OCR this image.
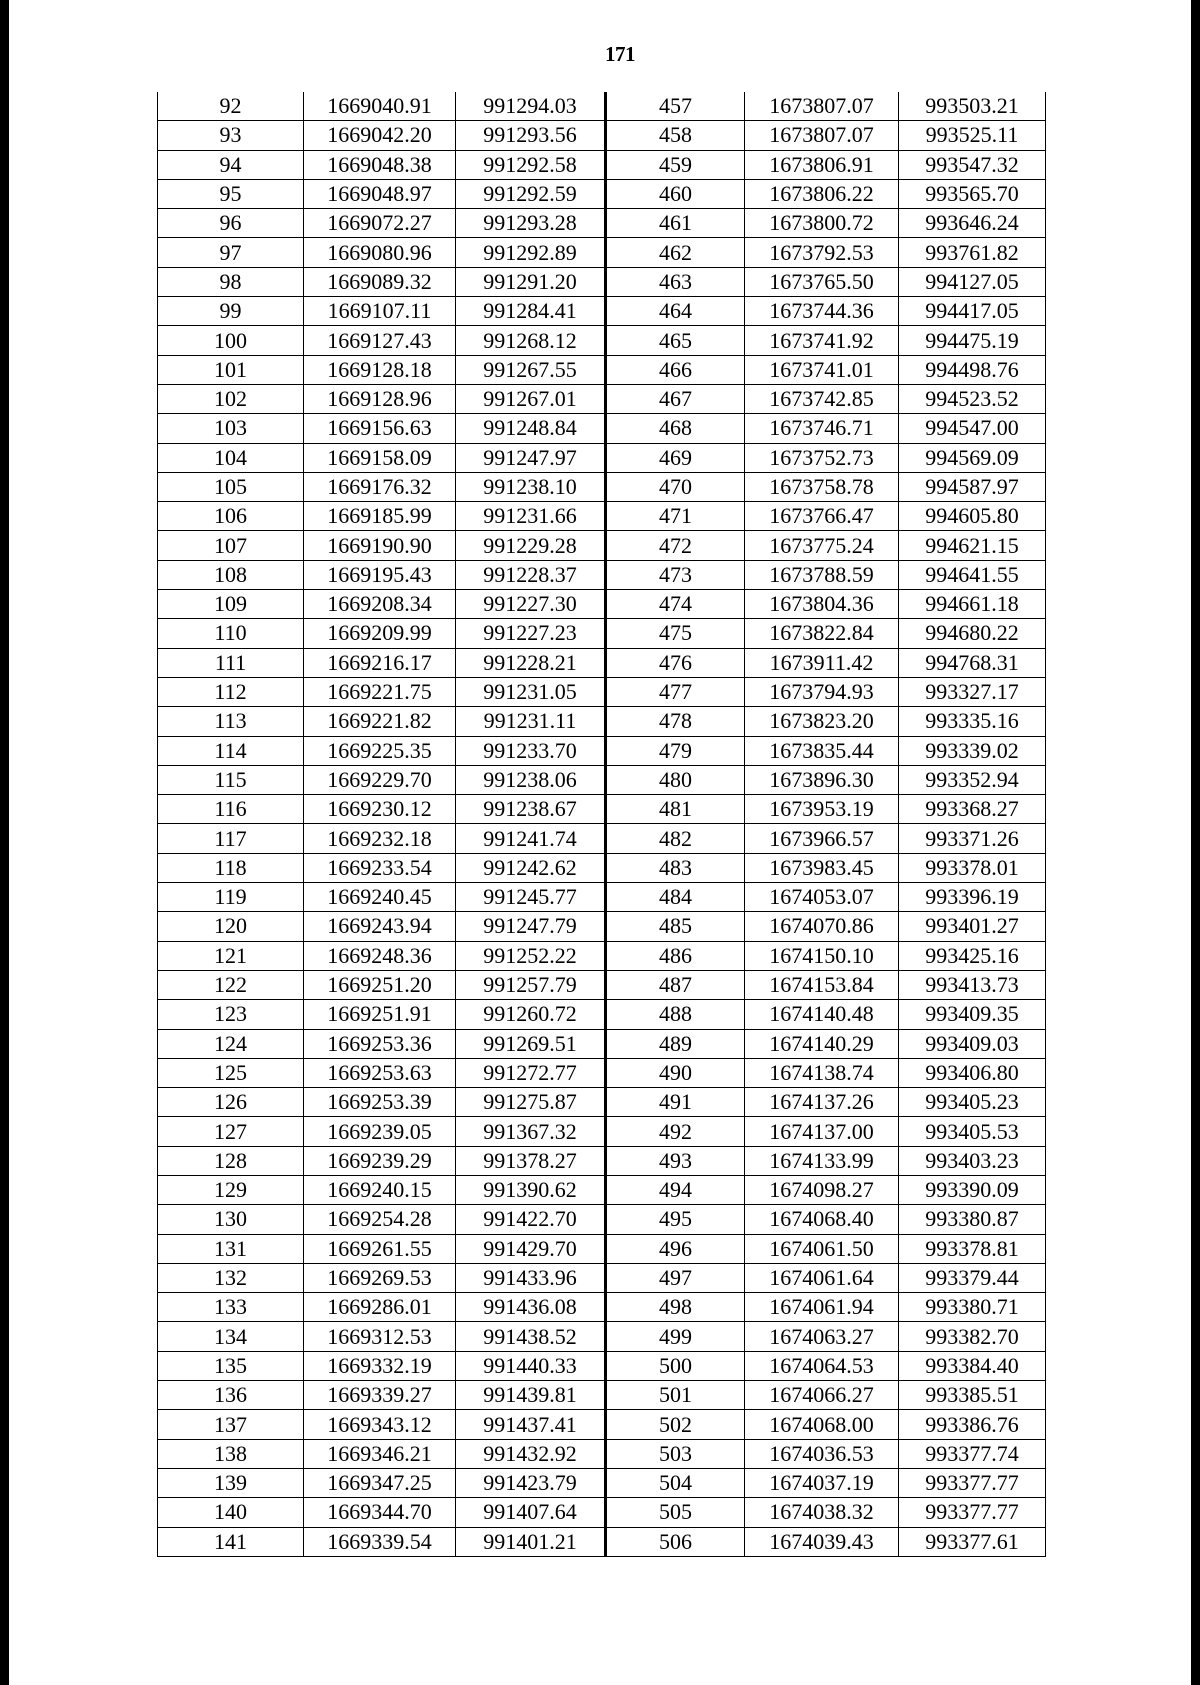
171
92	1669040.91	991294.03	457	1673807.07	993503.21
93	1669042.20	991293.56	458	1673807.07	993525.11
94	1669048.38	991292.58	459	1673806.91	993547.32
95	1669048.97	991292.59	460	1673806.22	993565.70
96	1669072.27	991293.28	461	1673800.72	993646.24
97	1669080.96	991292.89	462	1673792.53	993761.82
98	1669089.32	991291.20	463	1673765.50	994127.05
99	1669107.11	991284.41	464	1673744.36	994417.05
100	1669127.43	991268.12	465	1673741.92	994475.19
101	1669128.18	991267.55	466	1673741.01	994498.76
102	1669128.96	991267.01	467	1673742.85	994523.52
103	1669156.63	991248.84	468	1673746.71	994547.00
104	1669158.09	991247.97	469	1673752.73	994569.09
105	1669176.32	991238.10	470	1673758.78	994587.97
106	1669185.99	991231.66	471	1673766.47	994605.80
107	1669190.90	991229.28	472	1673775.24	994621.15
108	1669195.43	991228.37	473	1673788.59	994641.55
109	1669208.34	991227.30	474	1673804.36	994661.18
110	1669209.99	991227.23	475	1673822.84	994680.22
111	1669216.17	991228.21	476	1673911.42	994768.31
112	1669221.75	991231.05	477	1673794.93	993327.17
113	1669221.82	991231.11	478	1673823.20	993335.16
114	1669225.35	991233.70	479	1673835.44	993339.02
115	1669229.70	991238.06	480	1673896.30	993352.94
116	1669230.12	991238.67	481	1673953.19	993368.27
117	1669232.18	991241.74	482	1673966.57	993371.26
118	1669233.54	991242.62	483	1673983.45	993378.01
119	1669240.45	991245.77	484	1674053.07	993396.19
120	1669243.94	991247.79	485	1674070.86	993401.27
121	1669248.36	991252.22	486	1674150.10	993425.16
122	1669251.20	991257.79	487	1674153.84	993413.73
123	1669251.91	991260.72	488	1674140.48	993409.35
124	1669253.36	991269.51	489	1674140.29	993409.03
125	1669253.63	991272.77	490	1674138.74	993406.80
126	1669253.39	991275.87	491	1674137.26	993405.23
127	1669239.05	991367.32	492	1674137.00	993405.53
128	1669239.29	991378.27	493	1674133.99	993403.23
129	1669240.15	991390.62	494	1674098.27	993390.09
130	1669254.28	991422.70	495	1674068.40	993380.87
131	1669261.55	991429.70	496	1674061.50	993378.81
132	1669269.53	991433.96	497	1674061.64	993379.44
133	1669286.01	991436.08	498	1674061.94	993380.71
134	1669312.53	991438.52	499	1674063.27	993382.70
135	1669332.19	991440.33	500	1674064.53	993384.40
136	1669339.27	991439.81	501	1674066.27	993385.51
137	1669343.12	991437.41	502	1674068.00	993386.76
138	1669346.21	991432.92	503	1674036.53	993377.74
139	1669347.25	991423.79	504	1674037.19	993377.77
140	1669344.70	991407.64	505	1674038.32	993377.77
141	1669339.54	991401.21	506	1674039.43	993377.61
